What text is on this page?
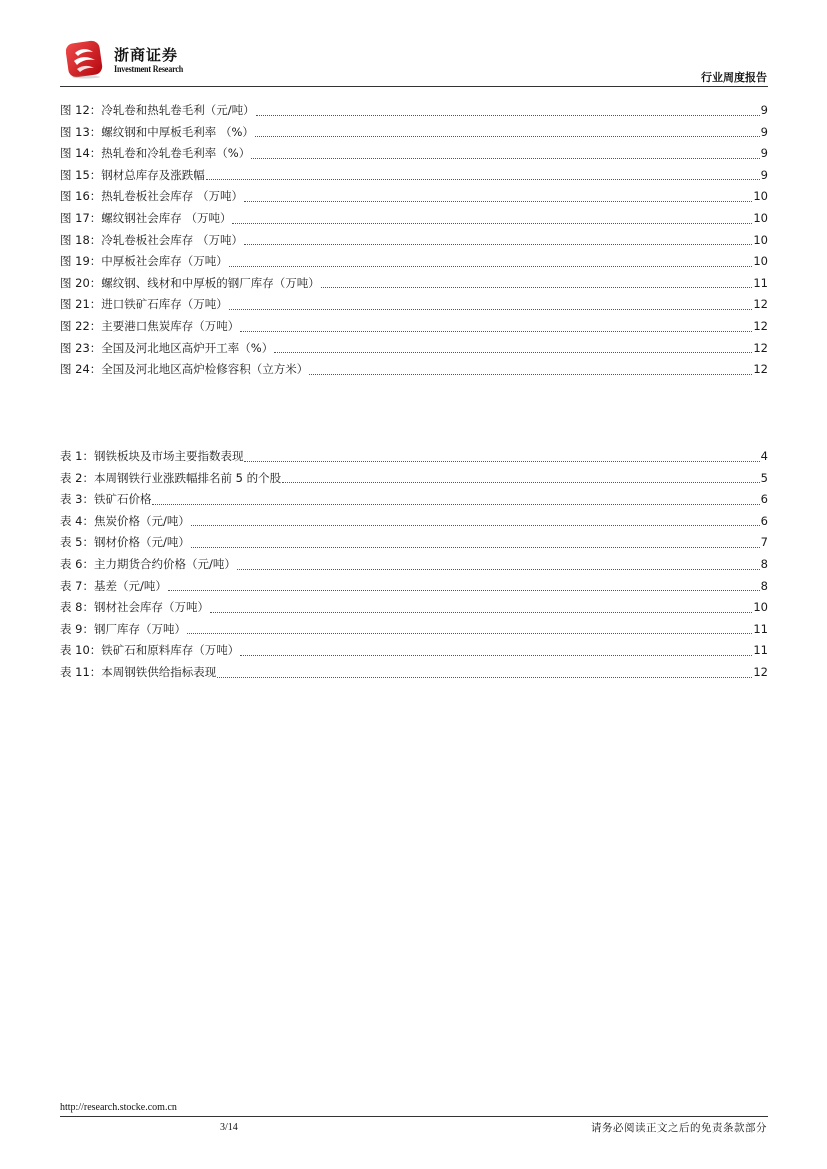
浙商证券
Investment Research
行业周度报告
图 12：冷轧卷和热轧卷毛利（元/吨）	9
图 13：螺纹钢和中厚板毛利率 （%）	9
图 14：热轧卷和冷轧卷毛利率（%）	9
图 15：钢材总库存及涨跌幅	9
图 16：热轧卷板社会库存 （万吨）	10
图 17：螺纹钢社会库存 （万吨）	10
图 18：冷轧卷板社会库存 （万吨）	10
图 19：中厚板社会库存（万吨）	10
图 20：螺纹钢、线材和中厚板的钢厂库存（万吨）	11
图 21：进口铁矿石库存（万吨）	12
图 22：主要港口焦炭库存（万吨）	12
图 23：全国及河北地区高炉开工率（%）	12
图 24：全国及河北地区高炉检修容积（立方米）	12
表 1：钢铁板块及市场主要指数表现	4
表 2：本周钢铁行业涨跌幅排名前 5 的个股	5
表 3：铁矿石价格	6
表 4：焦炭价格（元/吨）	6
表 5：钢材价格（元/吨）	7
表 6：主力期货合约价格（元/吨）	8
表 7：基差（元/吨）	8
表 8：钢材社会库存（万吨）	10
表 9：钢厂库存（万吨）	11
表 10：铁矿石和原料库存（万吨）	11
表 11：本周钢铁供给指标表现	12
http://research.stocke.com.cn
3/14	请务必阅读正文之后的免责条款部分
